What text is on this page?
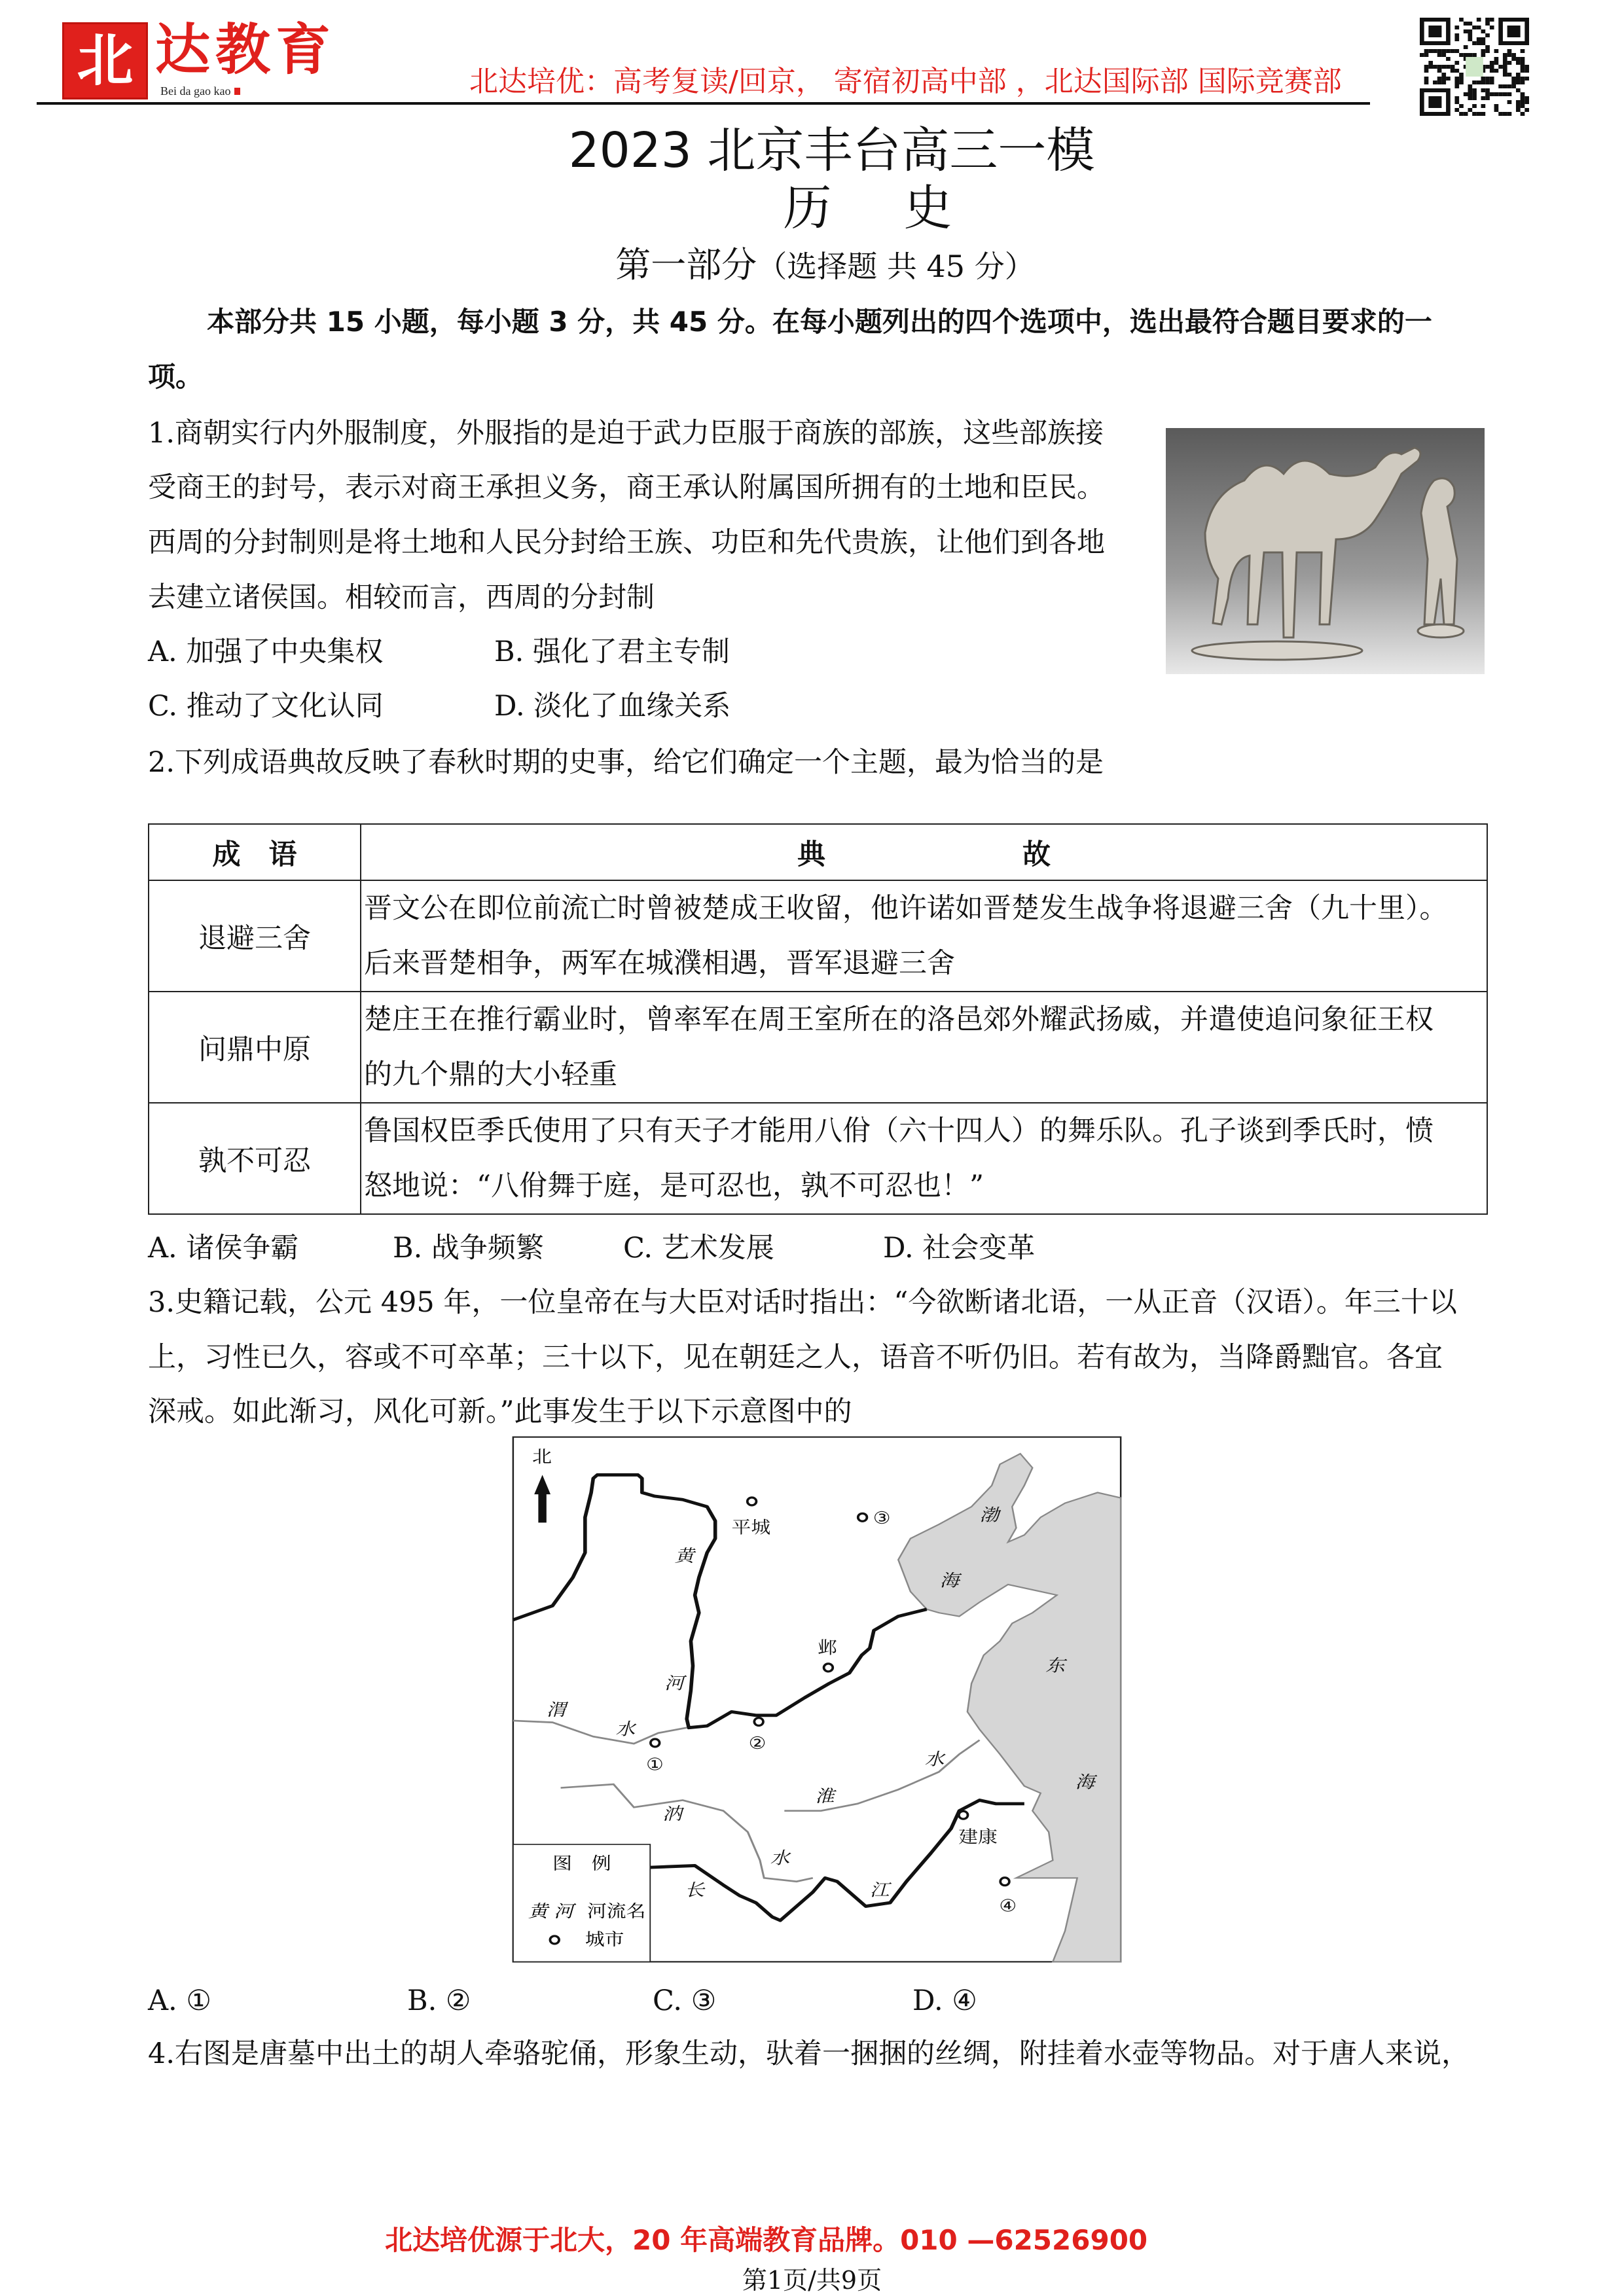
北 达教育
Bei da gao kao	北达培优：高考复读/回京， 寄宿初高中部 ，北达国际部 国际竞赛部
2023 北京丰台高三一模
历史
第一部分（选择题 共 45 分）
本部分共 15 小题，每小题 3 分，共 45 分。在每小题列出的四个选项中，选出最符合题目要求的一
项。
1.商朝实行内外服制度，外服指的是迫于武力臣服于商族的部族，这些部族接
受商王的封号，表示对商王承担义务，商王承认附属国所拥有的土地和臣民。
西周的分封制则是将土地和人民分封给王族、功臣和先代贵族，让他们到各地
去建立诸侯国。相较而言，西周的分封制
A. 加强了中央集权	B. 强化了君主专制
C. 推动了文化认同	D. 淡化了血缘关系
2.下列成语典故反映了春秋时期的史事，给它们确定一个主题，最为恰当的是
成　语	典　　　　　　　故
退避三舍	晋文公在即位前流亡时曾被楚成王收留，他许诺如晋楚发生战争将退避三舍（九十里）。
后来晋楚相争，两军在城濮相遇，晋军退避三舍

问鼎中原	楚庄王在推行霸业时，曾率军在周王室所在的洛邑郊外耀武扬威，并遣使追问象征王权
的九个鼎的大小轻重

孰不可忍	鲁国权臣季氏使用了只有天子才能用八佾（六十四人）的舞乐队。孔子谈到季氏时，愤
怒地说：“八佾舞于庭，是可忍也，孰不可忍也！”
A. 诸侯争霸	B. 战争频繁	C. 艺术发展	D. 社会变革
3.史籍记载，公元 495 年，一位皇帝在与大臣对话时指出：“今欲断诸北语，一从正音（汉语）。年三十以
上，习性已久，容或不可卒革；三十以下，见在朝廷之人，语音不听仍旧。若有故为，当降爵黜官。各宜
深戒。如此渐习，风化可新。”此事发生于以下示意图中的
北
平城	③
邺
②
①
建康
④
黄
河
渭
水
汭
水
淮
水
长	江
渤
海
东
海
图　例
黄 河 河流名
城市
A. ①	B. ②	C. ③	D. ④
4.右图是唐墓中出土的胡人牵骆驼俑，形象生动，驮着一捆捆的丝绸，附挂着水壶等物品。对于唐人来说，
北达培优源于北大，20 年高端教育品牌。010 —62526900
第1页/共9页
